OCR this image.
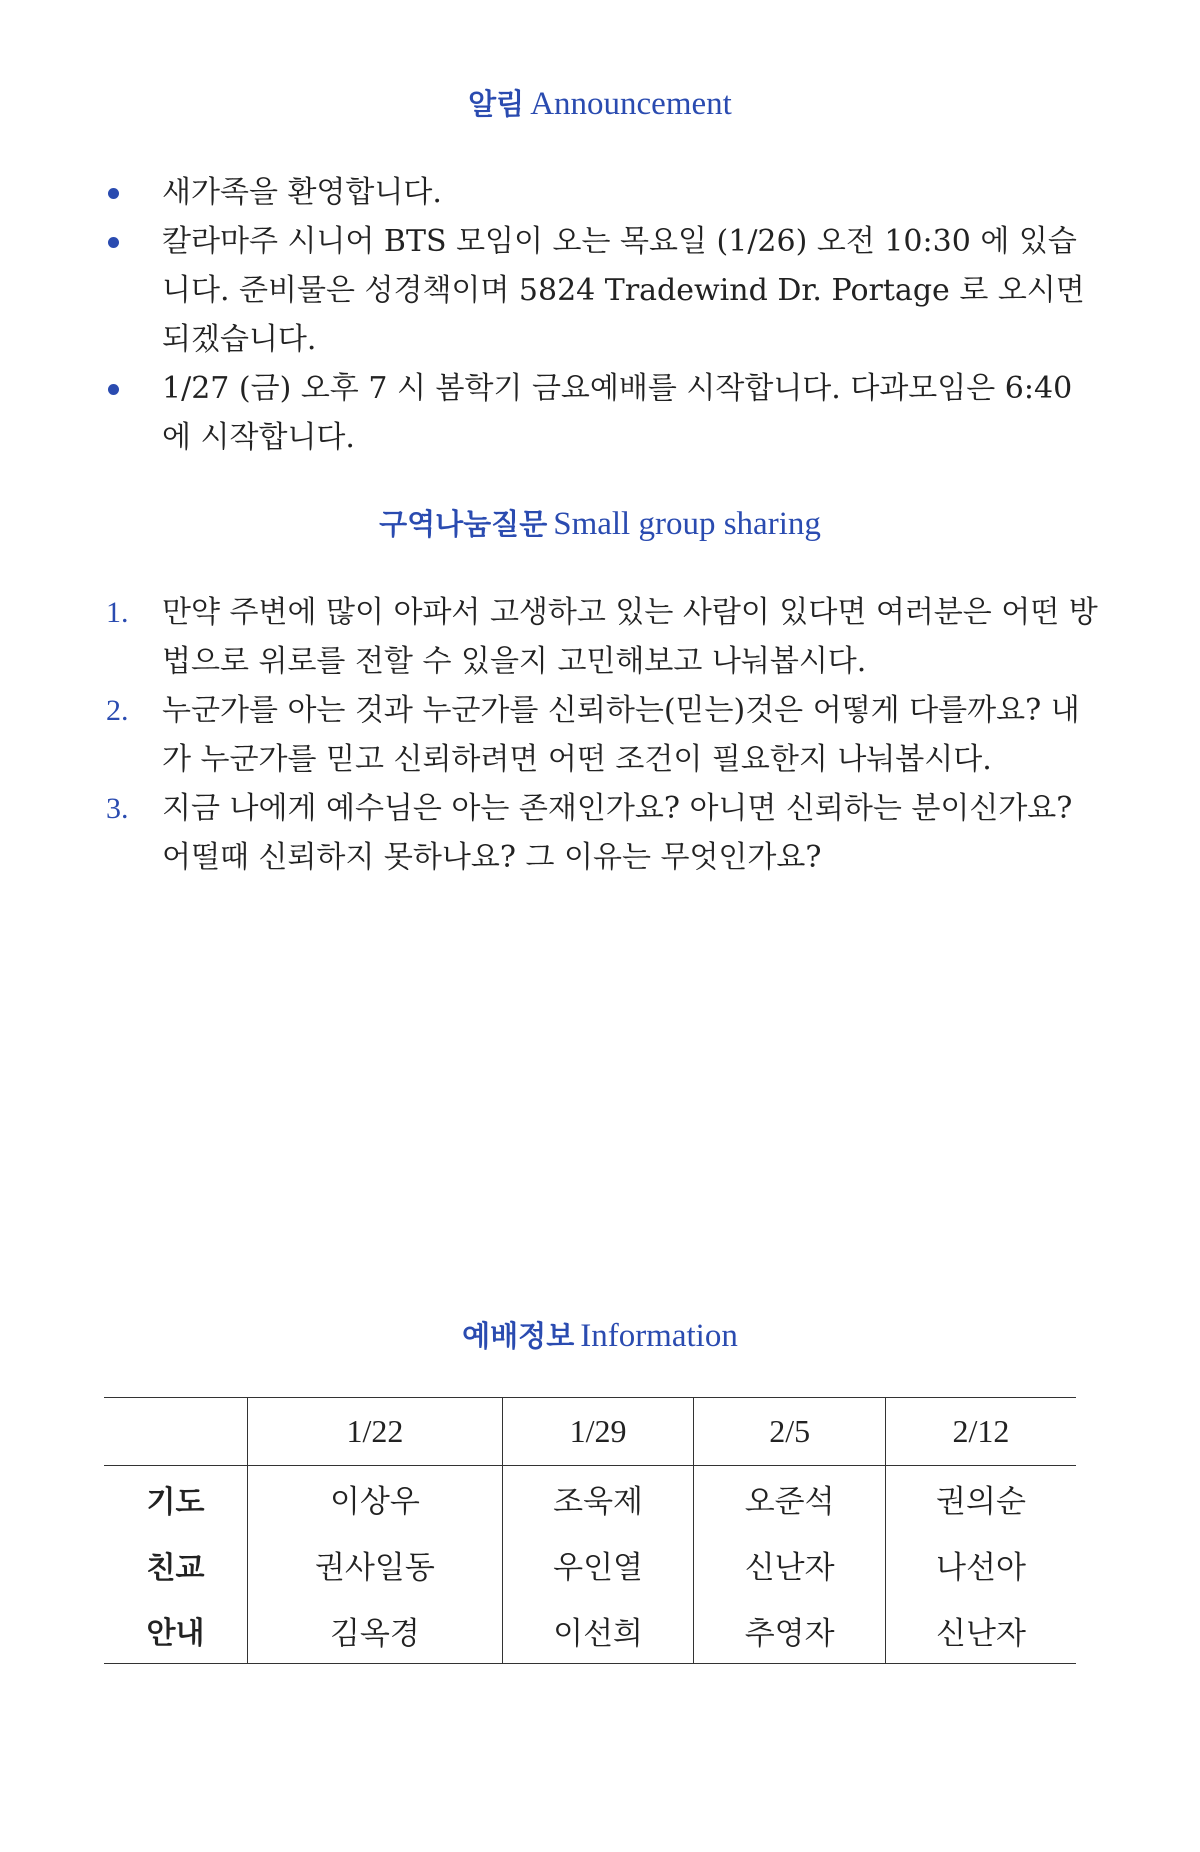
알림 Announcement
새가족을 환영합니다.
칼라마주 시니어 BTS 모임이 오는 목요일 (1/26) 오전 10:30 에 있습니다. 준비물은 성경책이며 5824 Tradewind Dr. Portage 로 오시면 되겠습니다.
1/27 (금) 오후 7 시 봄학기 금요예배를 시작합니다. 다과모임은 6:40 에 시작합니다.
구역나눔질문 Small group sharing
1. 만약 주변에 많이 아파서 고생하고 있는 사람이 있다면 여러분은 어떤 방법으로 위로를 전할 수 있을지 고민해보고 나눠봅시다.
2. 누군가를 아는 것과 누군가를 신뢰하는(믿는)것은 어떻게 다를까요? 내가 누군가를 믿고 신뢰하려면 어떤 조건이 필요한지 나눠봅시다.
3. 지금 나에게 예수님은 아는 존재인가요? 아니면 신뢰하는 분이신가요? 어떨때 신뢰하지 못하나요? 그 이유는 무엇인가요?
예배정보 Information
	1/22	1/29	2/5	2/12
기도	이상우	조욱제	오준석	권의순
친교	권사일동	우인열	신난자	나선아
안내	김옥경	이선희	추영자	신난자
